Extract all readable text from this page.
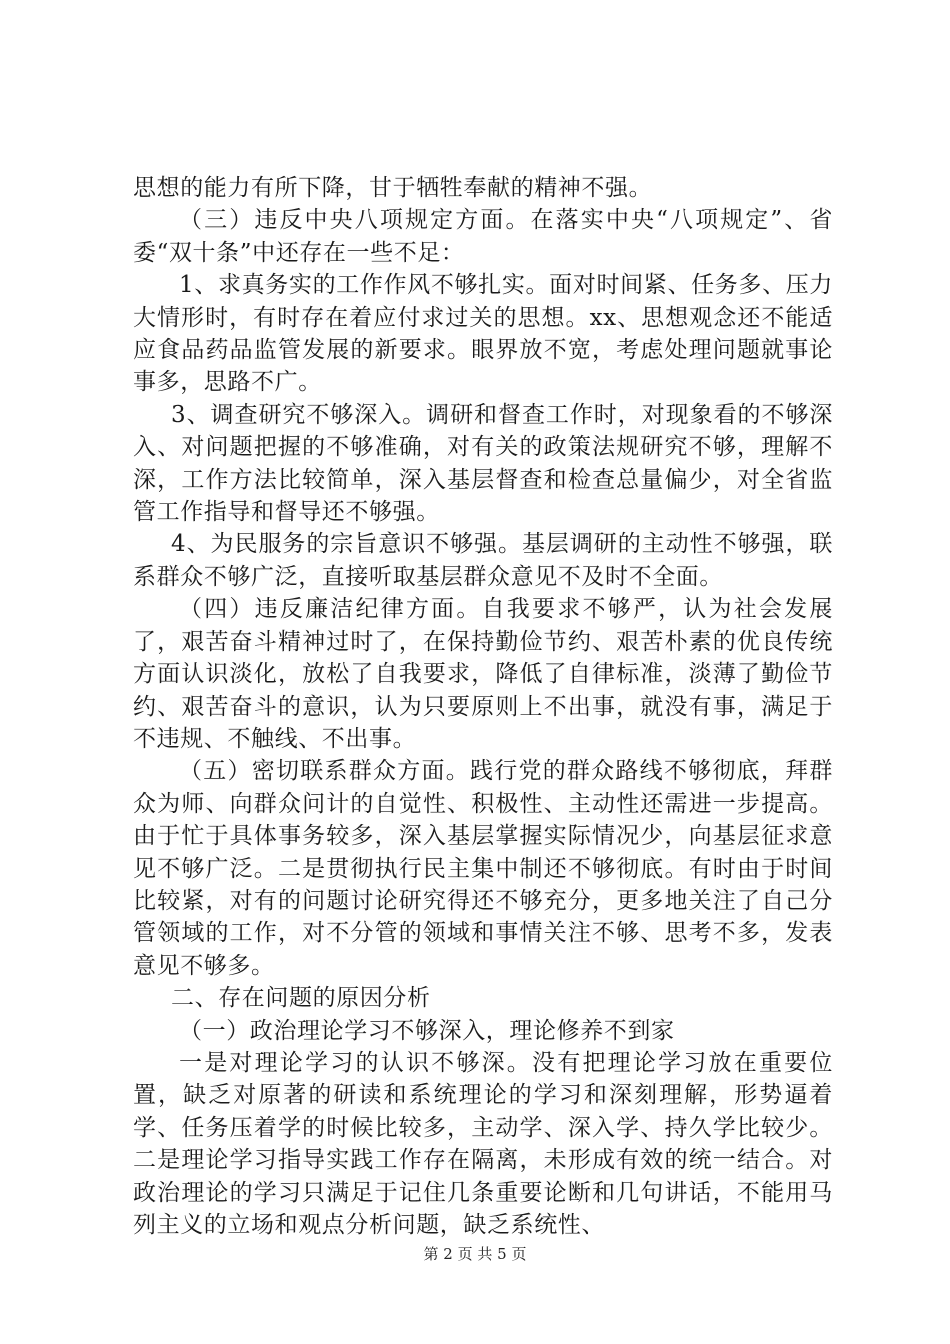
思想的能力有所下降，甘于牺牲奉献的精神不强。

（三）违反中央八项规定方面。在落实中央“八项规定”、省委“双十条”中还存在一些不足：

1、求真务实的工作作风不够扎实。面对时间紧、任务多、压力大情形时，有时存在着应付求过关的思想。xx、思想观念还不能适应食品药品监管发展的新要求。眼界放不宽，考虑处理问题就事论事多，思路不广。

3、调查研究不够深入。调研和督查工作时，对现象看的不够深入、对问题把握的不够准确，对有关的政策法规研究不够，理解不深，工作方法比较简单，深入基层督查和检查总量偏少，对全省监管工作指导和督导还不够强。

4、为民服务的宗旨意识不够强。基层调研的主动性不够强，联系群众不够广泛，直接听取基层群众意见不及时不全面。

（四）违反廉洁纪律方面。自我要求不够严，认为社会发展了，艰苦奋斗精神过时了，在保持勤俭节约、艰苦朴素的优良传统方面认识淡化，放松了自我要求，降低了自律标准，淡薄了勤俭节约、艰苦奋斗的意识，认为只要原则上不出事，就没有事，满足于不违规、不触线、不出事。

（五）密切联系群众方面。践行党的群众路线不够彻底，拜群众为师、向群众问计的自觉性、积极性、主动性还需进一步提高。由于忙于具体事务较多，深入基层掌握实际情况少，向基层征求意见不够广泛。二是贯彻执行民主集中制还不够彻底。有时由于时间比较紧，对有的问题讨论研究得还不够充分，更多地关注了自己分管领域的工作，对不分管的领域和事情关注不够、思考不多，发表意见不够多。

二、存在问题的原因分析

（一）政治理论学习不够深入，理论修养不到家

一是对理论学习的认识不够深。没有把理论学习放在重要位置，缺乏对原著的研读和系统理论的学习和深刻理解，形势逼着学、任务压着学的时候比较多，主动学、深入学、持久学比较少。二是理论学习指导实践工作存在隔离，未形成有效的统一结合。对政治理论的学习只满足于记住几条重要论断和几句讲话，不能用马列主义的立场和观点分析问题，缺乏系统性、

第 2 页 共 5 页
